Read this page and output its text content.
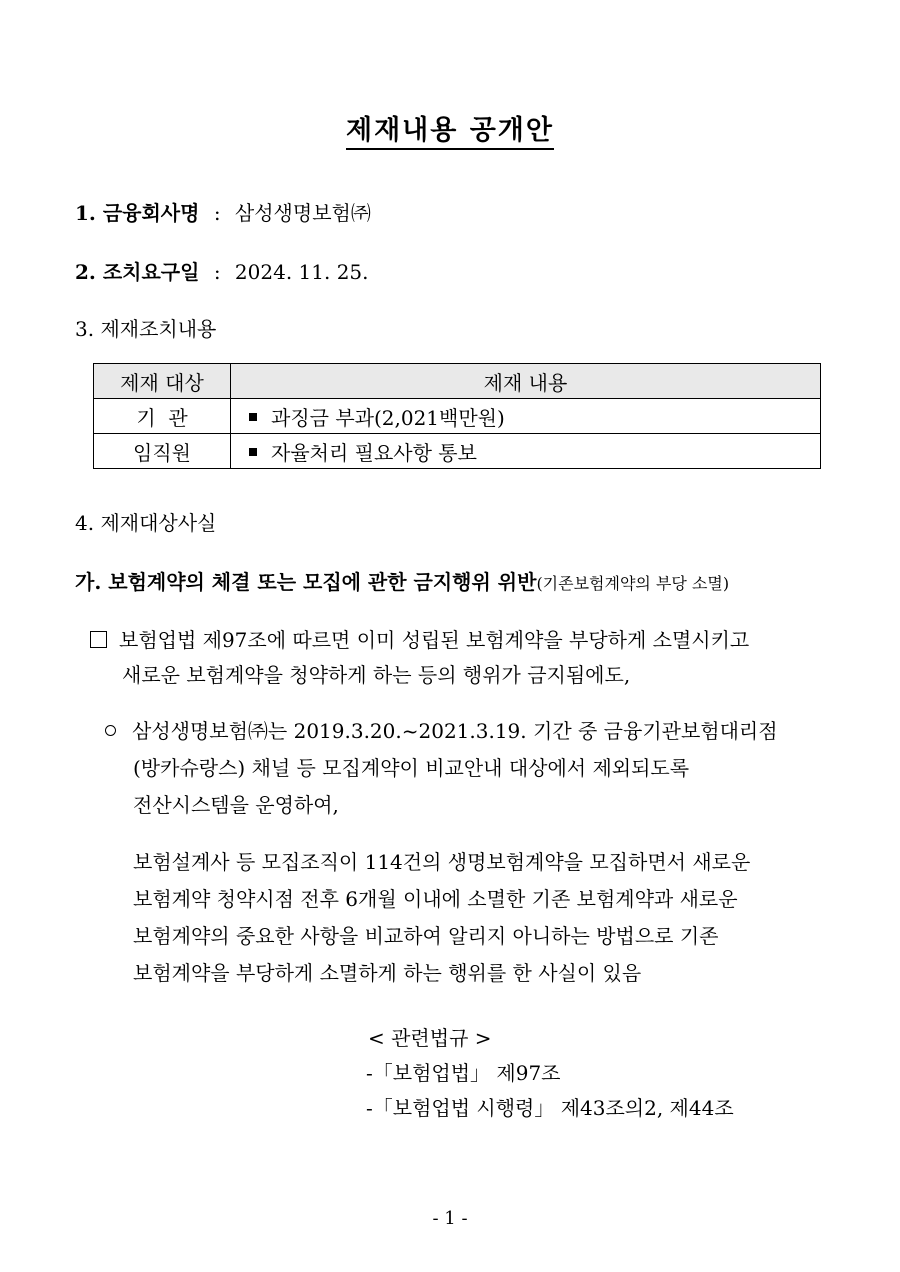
제재내용 공개안
1. 금융회사명 : 삼성생명보험㈜
2. 조치요구일 : 2024. 11. 25.
3. 제재조치내용
제재 대상	제재 내용
기  관	과징금 부과(2,021백만원)
임직원	자율처리 필요사항 통보
4. 제재대상사실
가. 보험계약의 체결 또는 모집에 관한 금지행위 위반(기존보험계약의 부당 소멸)
보험업법 제97조에 따르면 이미 성립된 보험계약을 부당하게 소멸시키고
새로운 보험계약을 청약하게 하는 등의 행위가 금지됨에도,
삼성생명보험㈜는 2019.3.20.~2021.3.19. 기간 중 금융기관보험대리점
(방카슈랑스) 채널 등 모집계약이 비교안내 대상에서 제외되도록
전산시스템을 운영하여,
보험설계사 등 모집조직이 114건의 생명보험계약을 모집하면서 새로운
보험계약 청약시점 전후 6개월 이내에 소멸한 기존 보험계약과 새로운
보험계약의 중요한 사항을 비교하여 알리지 아니하는 방법으로 기존
보험계약을 부당하게 소멸하게 하는 행위를 한 사실이 있음
< 관련법규 >
-「보험업법」 제97조
-「보험업법 시행령」 제43조의2, 제44조
- 1 -
